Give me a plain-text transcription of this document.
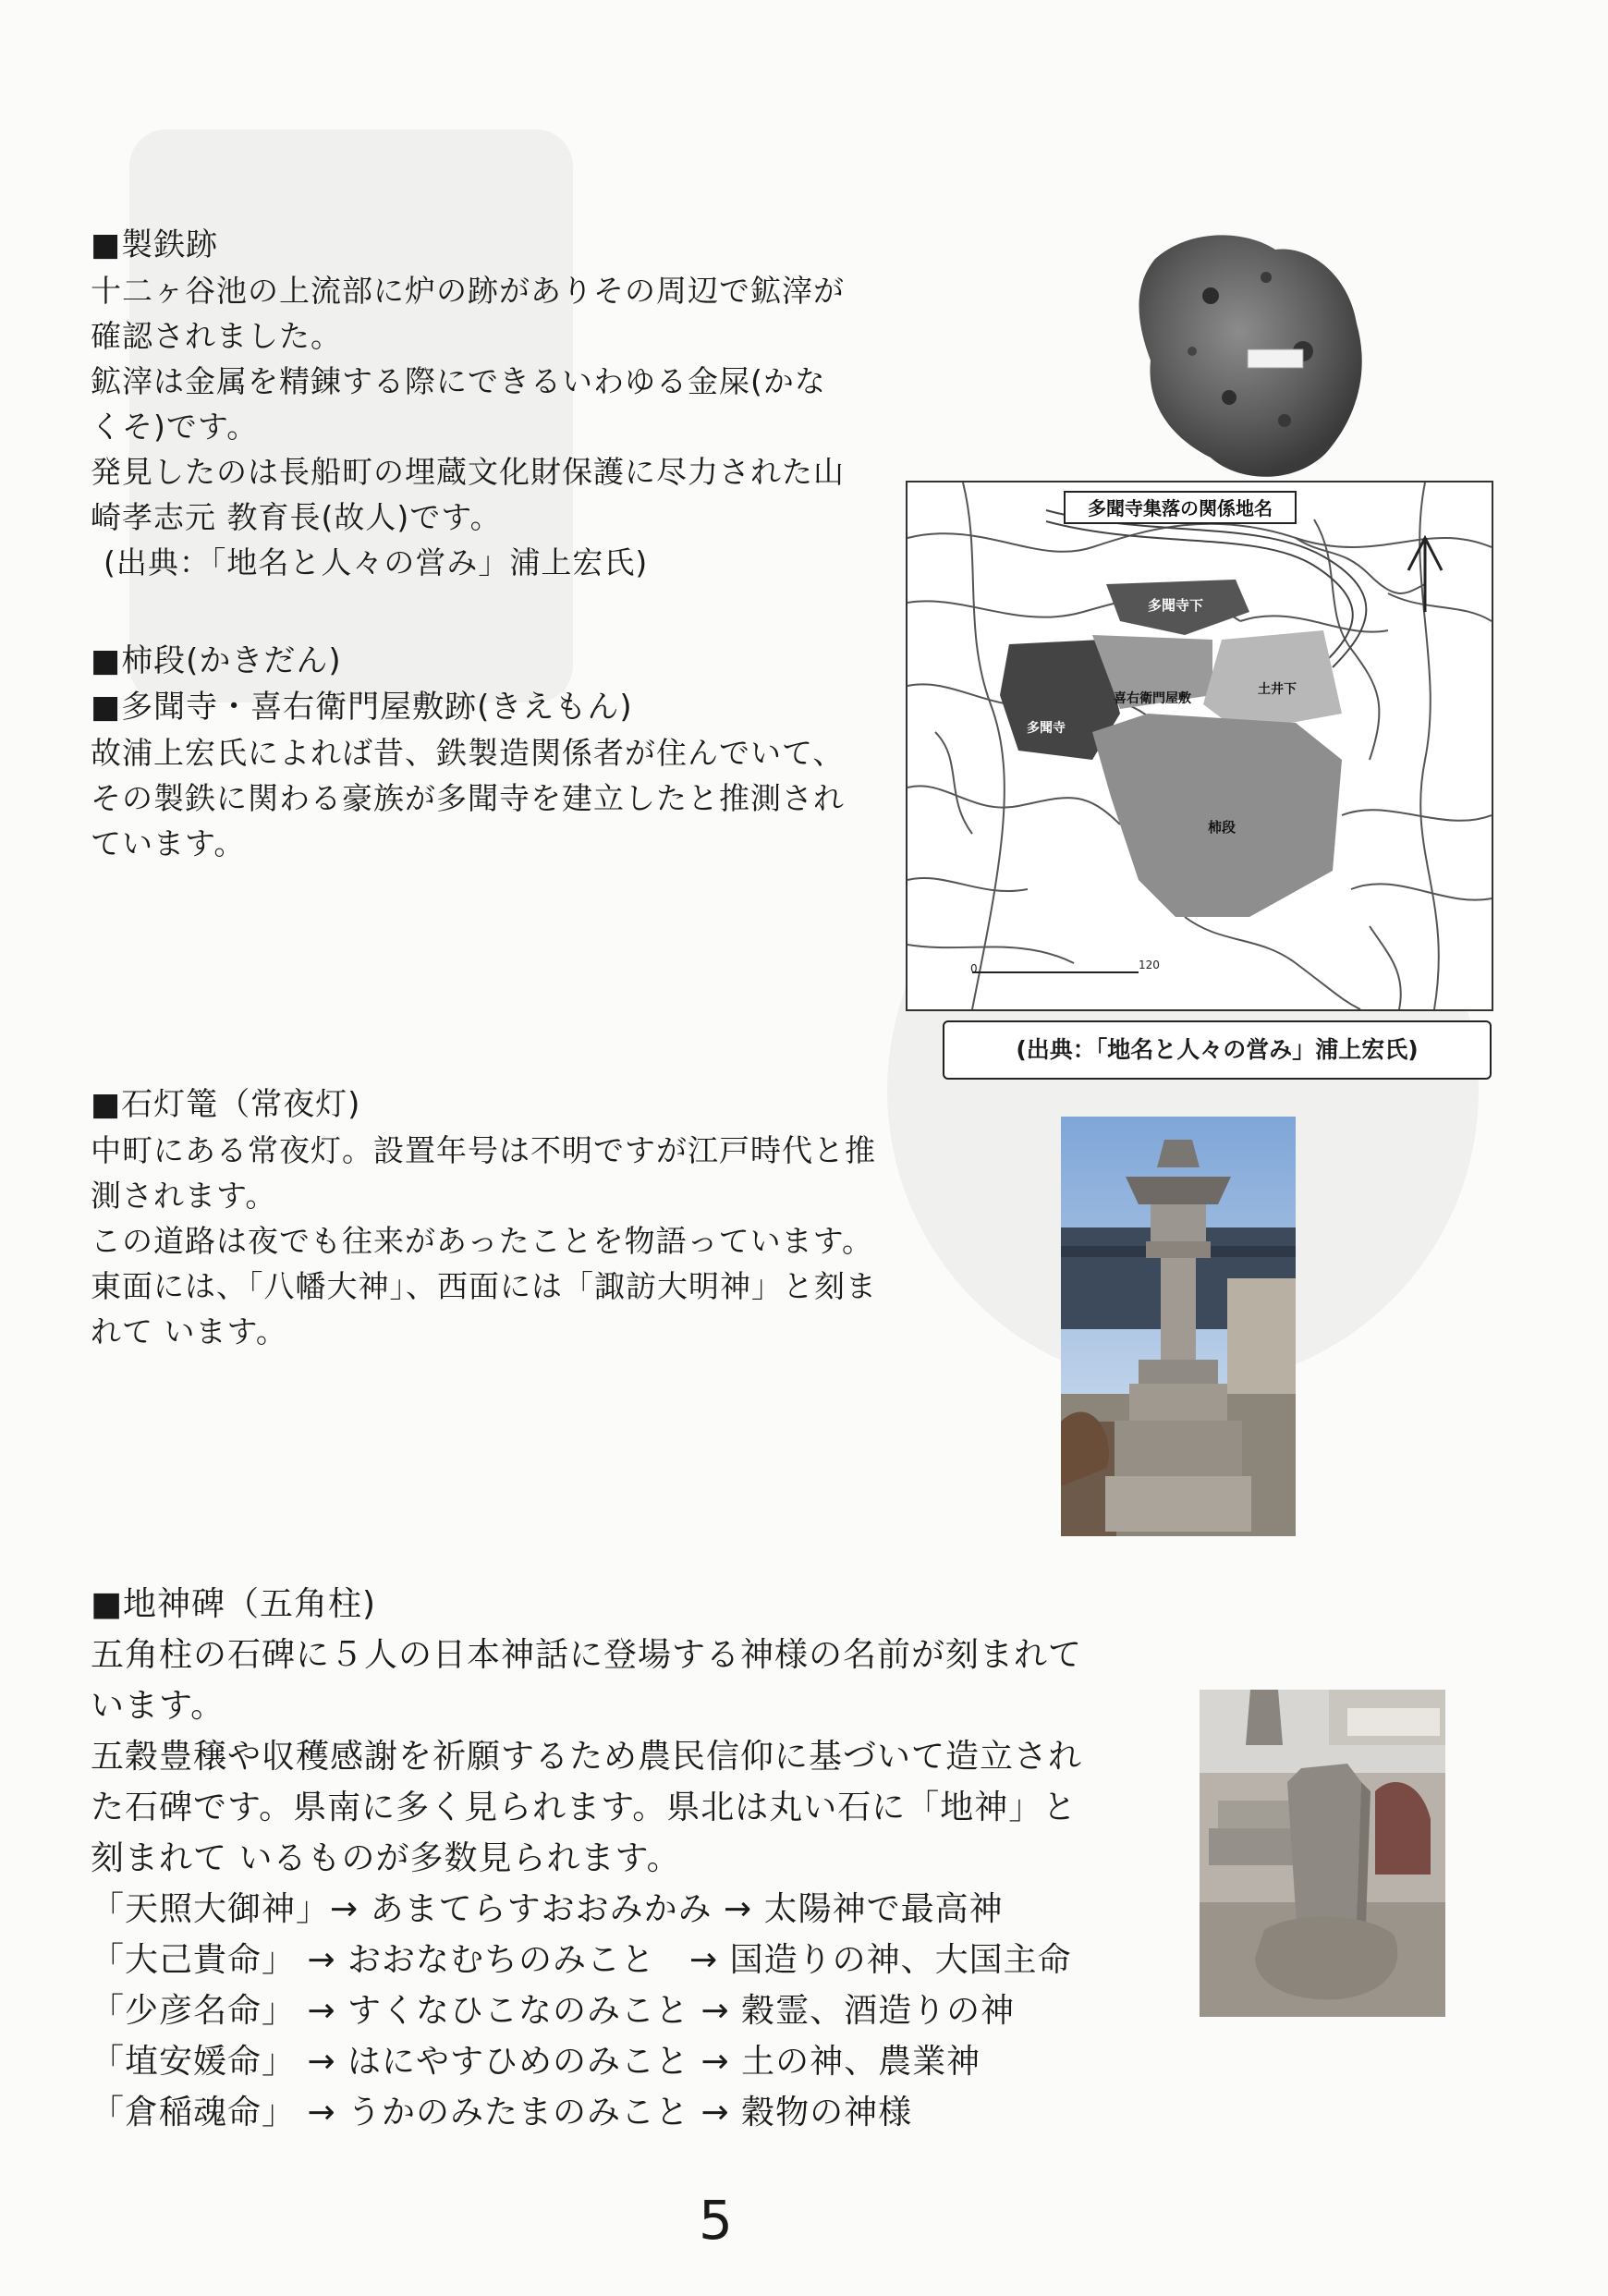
■製鉄跡
十二ヶ谷池の上流部に炉の跡がありその周辺で鉱滓が
確認されました。
鉱滓は金属を精錬する際にできるいわゆる金屎(かな
くそ)です。
発見したのは長船町の埋蔵文化財保護に尽力された山
崎孝志元 教育長(故人)です。
(出典：「地名と人々の営み」浦上宏氏)
多聞寺集落の関係地名
多聞寺下
喜右衛門屋敷
多聞寺
土井下
柿段
0	120
(出典：「地名と人々の営み」浦上宏氏)
■柿段(かきだん)
■多聞寺・喜右衛門屋敷跡(きえもん)
故浦上宏氏によれば昔、鉄製造関係者が住んでいて、
その製鉄に関わる豪族が多聞寺を建立したと推測され
ています。
■石灯篭（常夜灯)
中町にある常夜灯。設置年号は不明ですが江戸時代と推
測されます。
この道路は夜でも往来があったことを物語っています。
東面には、「八幡大神」、西面には「諏訪大明神」と刻ま
れて います。
■地神碑（五角柱)
五角柱の石碑に５人の日本神話に登場する神様の名前が刻まれて
います。
五穀豊穣や収穫感謝を祈願するため農民信仰に基づいて造立され
た石碑です。県南に多く見られます。県北は丸い石に「地神」と
刻まれて いるものが多数見られます。
「天照大御神」→ あまてらすおおみかみ → 太陽神で最高神
「大己貴命」 → おおなむちのみこと　→ 国造りの神、大国主命
「少彦名命」 → すくなひこなのみこと → 穀霊、酒造りの神
「埴安媛命」 → はにやすひめのみこと → 土の神、農業神
「倉稲魂命」 → うかのみたまのみこと → 穀物の神様
5
